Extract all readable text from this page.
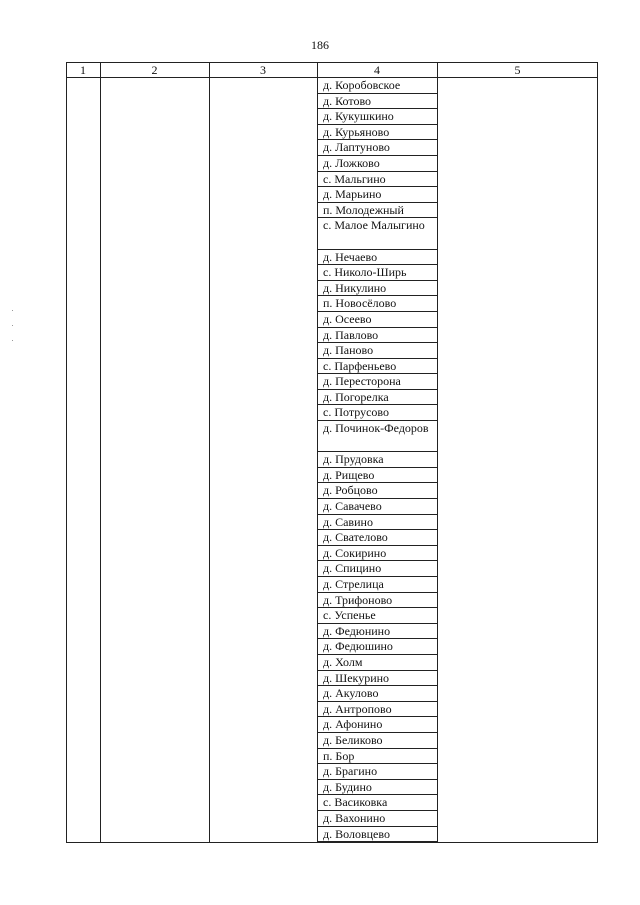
186
1	2	3	4	5
д. Коробовское
д. Котово
д. Кукушкино
д. Курьяново
д. Лаптуново
д. Ложково
с. Мальгино
д. Марьино
п. Молодежный
с. Малое Малыгино
д. Нечаево
с. Николо-Ширь
д. Никулино
п. Новосёлово
д. Осеево
д. Павлово
д. Паново
с. Парфеньево
д. Пересторона
д. Погорелка
с. Потрусово
д. Починок-Федоров
д. Прудовка
д. Рищево
д. Робцово
д. Савачево
д. Савино
д. Свателово
д. Сокирино
д. Спицино
д. Стрелица
д. Трифоново
с. Успенье
д. Федюнино
д. Федюшино
д. Холм
д. Шекурино
д. Акулово
д. Антропово
д. Афонино
д. Беликово
п. Бор
д. Брагино
д. Будино
с. Васиковка
д. Вахонино
д. Воловцево
